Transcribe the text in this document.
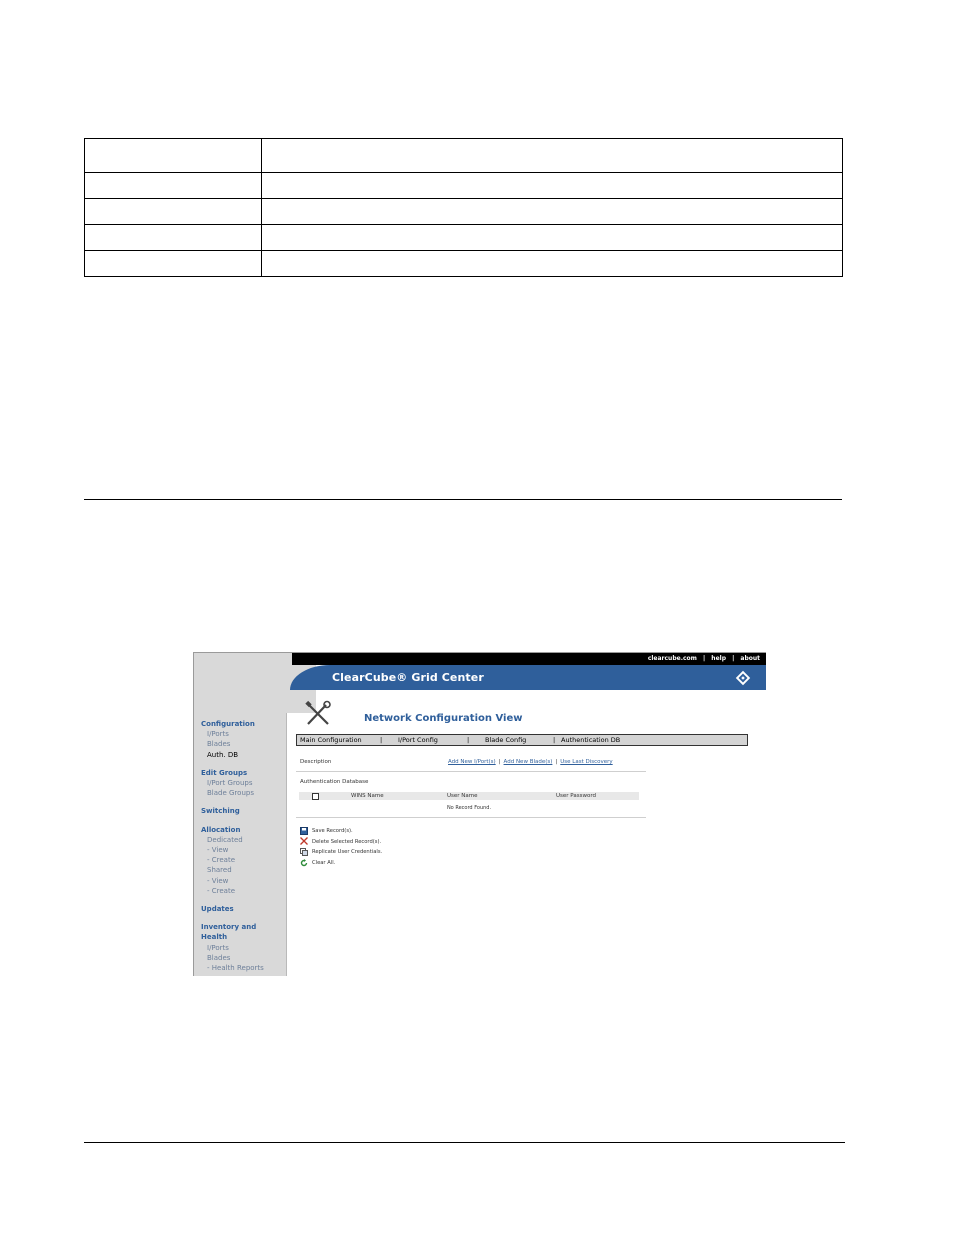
clearcube.com | help | about
ClearCube® Grid Center
Configuration
I/Ports
Blades
Auth. DB
Edit Groups
I/Port Groups
Blade Groups
Switching
Allocation
Dedicated
- View
- Create
Shared
- View
- Create
Updates
Inventory and
Health
I/Ports
Blades
- Health Reports
Network Configuration View
Main Configuration	| I/Port Config	| Blade Config	| Authentication DB
Description	Add New I/Port(s) | Add New Blade(s) | Use Last Discovery
Authentication Database
WINS Name	User Name	User Password
No Record Found.
Save Record(s).
Delete Selected Record(s).
Replicate User Credentials.
Clear All.
